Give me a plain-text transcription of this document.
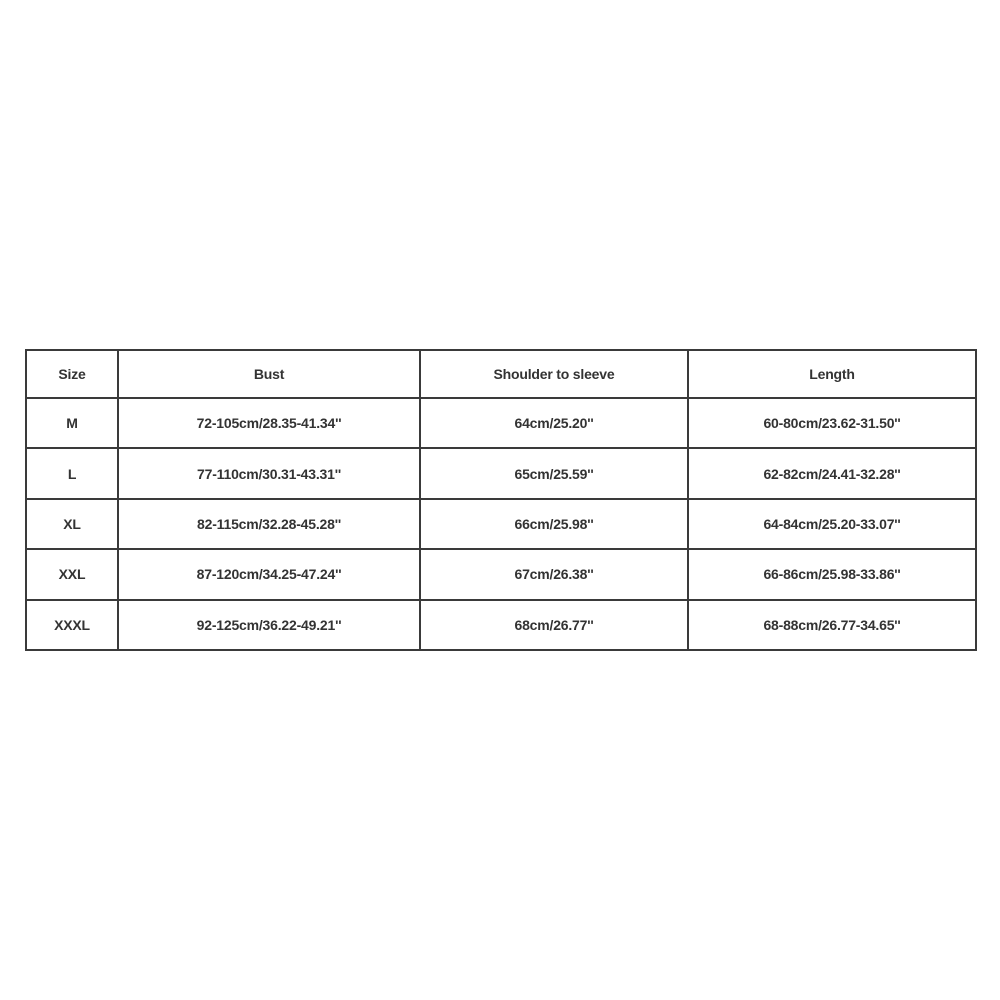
Size	Bust	Shoulder to sleeve	Length
M	72-105cm/28.35-41.34''	64cm/25.20''	60-80cm/23.62-31.50''
L	77-110cm/30.31-43.31''	65cm/25.59''	62-82cm/24.41-32.28''
XL	82-115cm/32.28-45.28''	66cm/25.98''	64-84cm/25.20-33.07''
XXL	87-120cm/34.25-47.24''	67cm/26.38''	66-86cm/25.98-33.86''
XXXL	92-125cm/36.22-49.21''	68cm/26.77''	68-88cm/26.77-34.65''
